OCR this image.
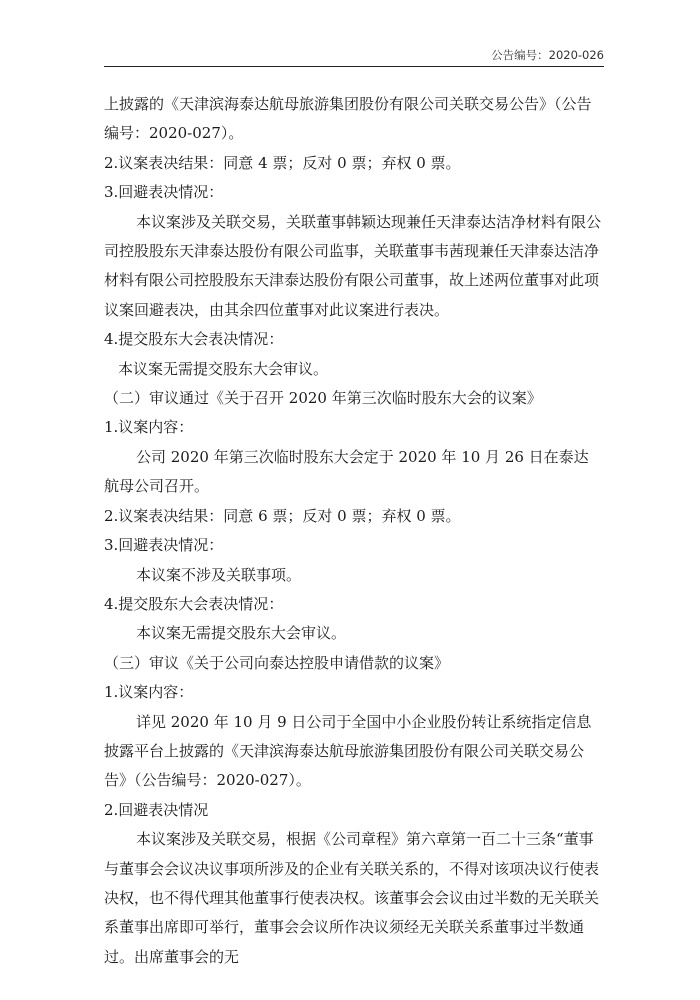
公告编号：2020-026

上披露的《天津滨海泰达航母旅游集团股份有限公司关联交易公告》（公告编号：2020-027）。

2.议案表决结果：同意 4 票；反对 0 票；弃权 0 票。

3.回避表决情况：

本议案涉及关联交易，关联董事韩颖达现兼任天津泰达洁净材料有限公司控股股东天津泰达股份有限公司监事，关联董事韦茜现兼任天津泰达洁净材料有限公司控股股东天津泰达股份有限公司董事，故上述两位董事对此项议案回避表决，由其余四位董事对此议案进行表决。

4.提交股东大会表决情况：

本议案无需提交股东大会审议。

（二）审议通过《关于召开 2020 年第三次临时股东大会的议案》

1.议案内容：

公司 2020 年第三次临时股东大会定于 2020 年 10 月 26 日在泰达航母公司召开。

2.议案表决结果：同意 6 票；反对 0 票；弃权 0 票。

3.回避表决情况：

本议案不涉及关联事项。

4.提交股东大会表决情况：

本议案无需提交股东大会审议。

（三）审议《关于公司向泰达控股申请借款的议案》

1.议案内容：

详见 2020 年 10 月 9 日公司于全国中小企业股份转让系统指定信息披露平台上披露的《天津滨海泰达航母旅游集团股份有限公司关联交易公告》（公告编号：2020-027）。

2.回避表决情况

本议案涉及关联交易，根据《公司章程》第六章第一百二十三条“董事与董事会会议决议事项所涉及的企业有关联关系的，不得对该项决议行使表决权，也不得代理其他董事行使表决权。该董事会会议由过半数的无关联关系董事出席即可举行，董事会会议所作决议须经无关联关系董事过半数通过。出席董事会的无
